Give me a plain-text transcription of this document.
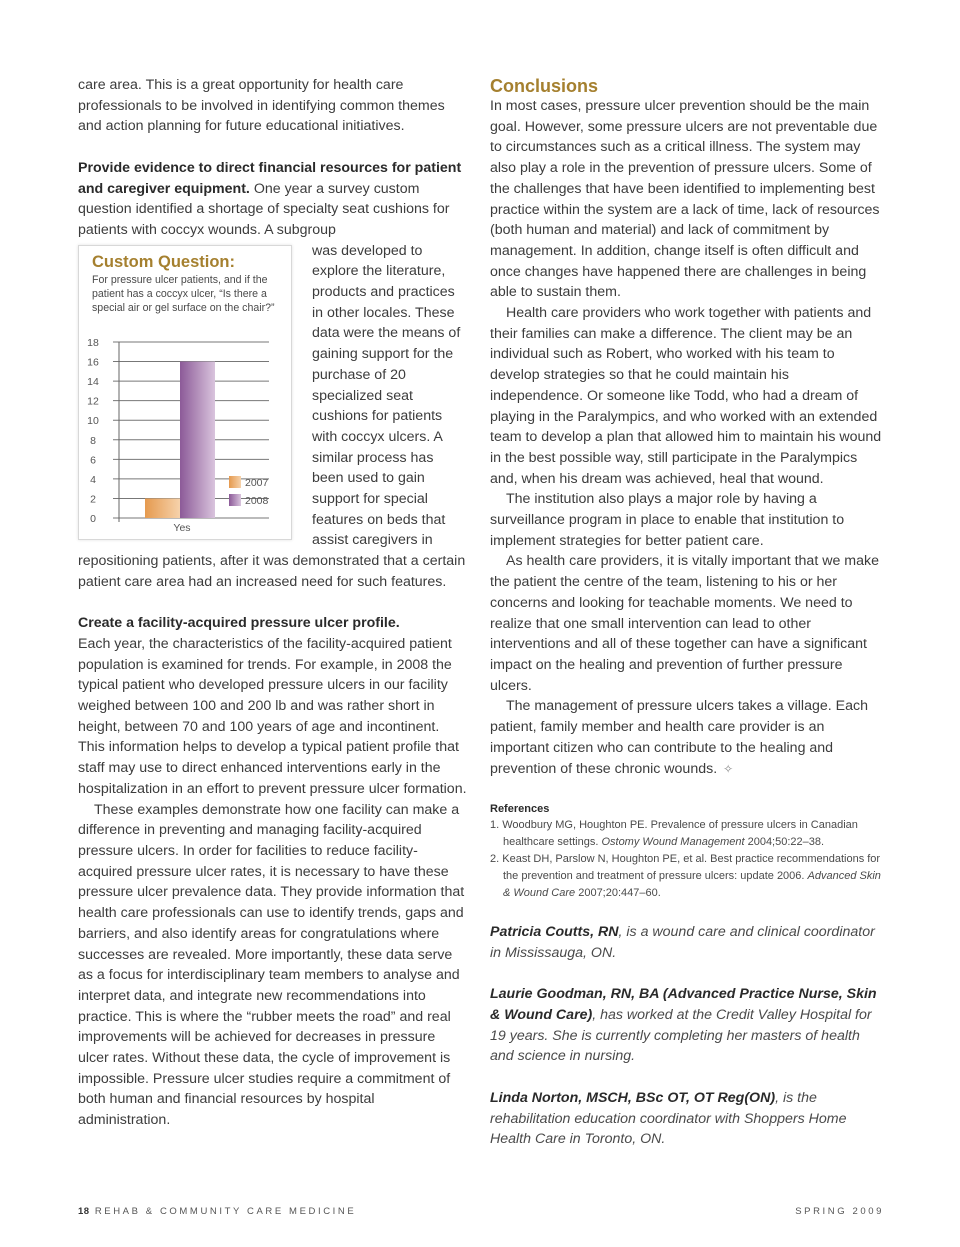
care area. This is a great opportunity for health care professionals to be involved in identifying common themes and action planning for future educational initiatives.

Provide evidence to direct financial resources for patient and caregiver equipment. One year a survey custom question identified a shortage of specialty seat cushions for patients with coccyx wounds. A subgroup

0
2
4
6
8
10
12
14
16
18
Yes
2007
2008
Custom Question:
For pressure ulcer patients, and if the patient has a coccyx ulcer, “Is there a special air or gel surface on the chair?”

was developed to explore the literature, products and practices in other locales. These data were the means of gaining support for the purchase of 20 specialized seat cushions for patients with coccyx ulcers. A similar process has been used to gain support for special features on beds that assist caregivers in repositioning patients, after it was demonstrated that a certain patient care area had an increased need for such features.

Create a facility-acquired pressure ulcer profile.
Each year, the characteristics of the facility-acquired patient population is examined for trends. For example, in 2008 the typical patient who developed pressure ulcers in our facility weighed between 100 and 200 lb and was rather short in height, between 70 and 100 years of age and incontinent. This information helps to develop a typical patient profile that staff may use to direct enhanced interventions early in the hospitalization in an effort to prevent pressure ulcer formation.

These examples demonstrate how one facility can make a difference in preventing and managing facility-acquired pressure ulcers. In order for facilities to reduce facility-acquired pressure ulcer rates, it is necessary to have these pressure ulcer prevalence data. They provide information that health care professionals can use to identify trends, gaps and barriers, and also identify areas for congratulations where successes are revealed. More importantly, these data serve as a focus for interdisciplinary team members to analyse and interpret data, and integrate new recommendations into practice. This is where the “rubber meets the road” and real improvements will be achieved for decreases in pressure ulcer rates. Without these data, the cycle of improvement is impossible. Pressure ulcer studies require a commitment of both human and financial resources by hospital administration.

Conclusions

In most cases, pressure ulcer prevention should be the main goal. However, some pressure ulcers are not preventable due to circumstances such as a critical illness. The system may also play a role in the prevention of pressure ulcers. Some of the challenges that have been identified to implementing best practice within the system are a lack of time, lack of resources (both human and material) and lack of commitment by management. In addition, change itself is often difficult and once changes have happened there are challenges in being able to sustain them.

Health care providers who work together with patients and their families can make a difference. The client may be an individual such as Robert, who worked with his team to develop strategies so that he could maintain his independence. Or someone like Todd, who had a dream of playing in the Paralympics, and who worked with an extended team to develop a plan that allowed him to maintain his wound in the best possible way, still participate in the Paralympics and, when his dream was achieved, heal that wound.

The institution also plays a major role by having a surveillance program in place to enable that institution to implement strategies for better patient care.

As health care providers, it is vitally important that we make the patient the centre of the team, listening to his or her concerns and looking for teachable moments. We need to realize that one small intervention can lead to other interventions and all of these together can have a significant impact on the healing and prevention of further pressure ulcers.

The management of pressure ulcers takes a village. Each patient, family member and health care provider is an important citizen who can contribute to the healing and prevention of these chronic wounds. ✧

References
1. Woodbury MG, Houghton PE. Prevalence of pressure ulcers in Canadian healthcare settings. Ostomy Wound Management 2004;50:22–38.
2. Keast DH, Parslow N, Houghton PE, et al. Best practice recommendations for the prevention and treatment of pressure ulcers: update 2006. Advanced Skin & Wound Care 2007;20:447–60.

Patricia Coutts, RN, is a wound care and clinical coordinator in Mississauga, ON.

Laurie Goodman, RN, BA (Advanced Practice Nurse, Skin & Wound Care), has worked at the Credit Valley Hospital for 19 years. She is currently completing her masters of health and science in nursing.

Linda Norton, MSCH, BSc OT, OT Reg(ON), is the rehabilitation education coordinator with Shoppers Home Health Care in Toronto, ON.

18 REHAB & COMMUNITY CARE MEDICINE	SPRING 2009
